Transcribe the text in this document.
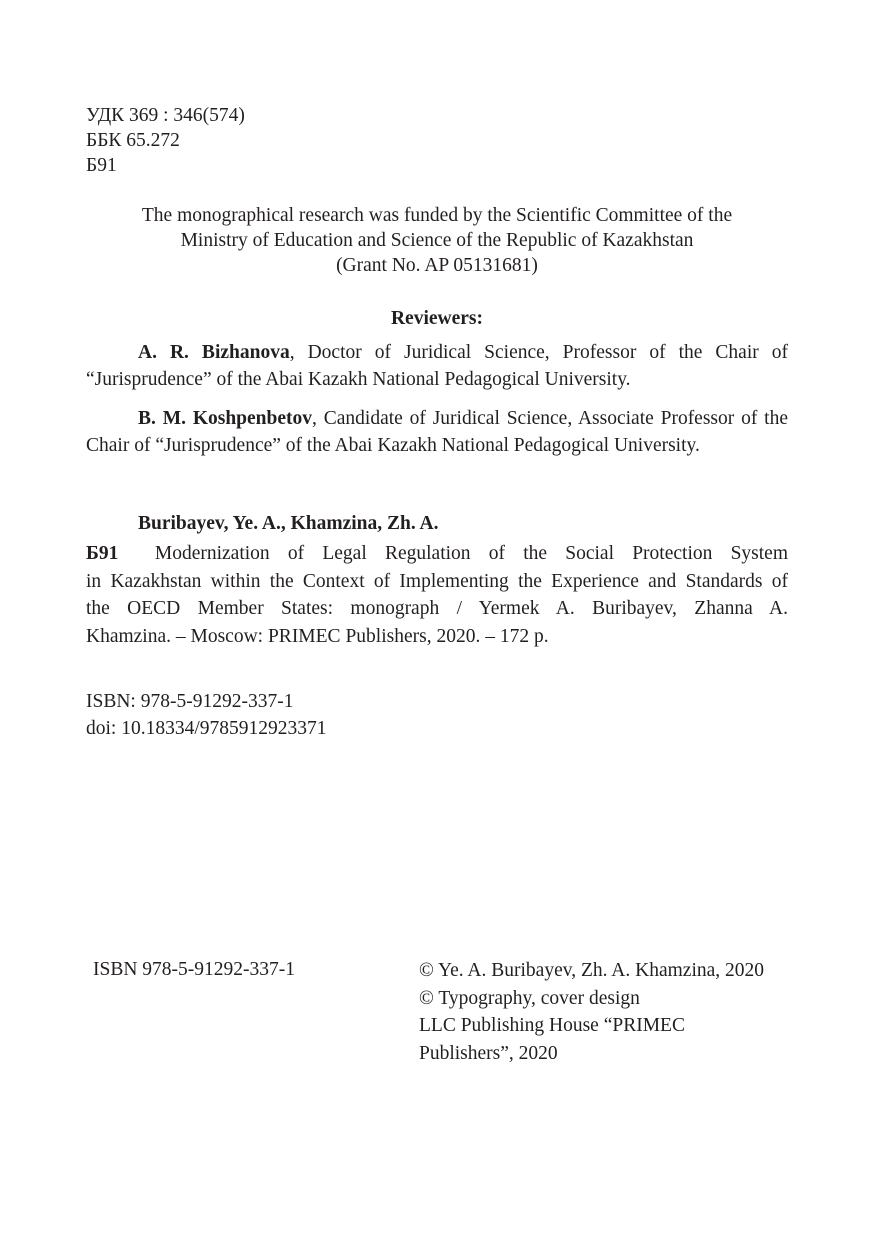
УДК 369 : 346(574)
ББК 65.272
Б91
The monographical research was funded by the Scientific Committee of the
Ministry of Education and Science of the Republic of Kazakhstan
(Grant No. AP 05131681)
Reviewers:

A. R. Bizhanova, Doctor of Juridical Science, Professor of the Chair of “Jurisprudence” of the Abai Kazakh National Pedagogical University.

B. M. Koshpenbetov, Candidate of Juridical Science, Associate Professor of the Chair of “Jurisprudence” of the Abai Kazakh National Pedagogical University.

Buribayev, Ye. A., Khamzina, Zh. A.
Б91 Modernization of Legal Regulation of the Social Protection System
in Kazakhstan within the Context of Implementing the Experience and Standards of
the OECD Member States: monograph / Yermek A. Buribayev, Zhanna A.
Khamzina. – Moscow: PRIMEC Publishers, 2020. – 172 p.
ISBN: 978-5-91292-337-1
doi: 10.18334/9785912923371
ISBN 978-5-91292-337-1	© Ye. A. Buribayev, Zh. A. Khamzina, 2020
© Typography, cover design
LLC Publishing House “PRIMEC
Publishers”, 2020
